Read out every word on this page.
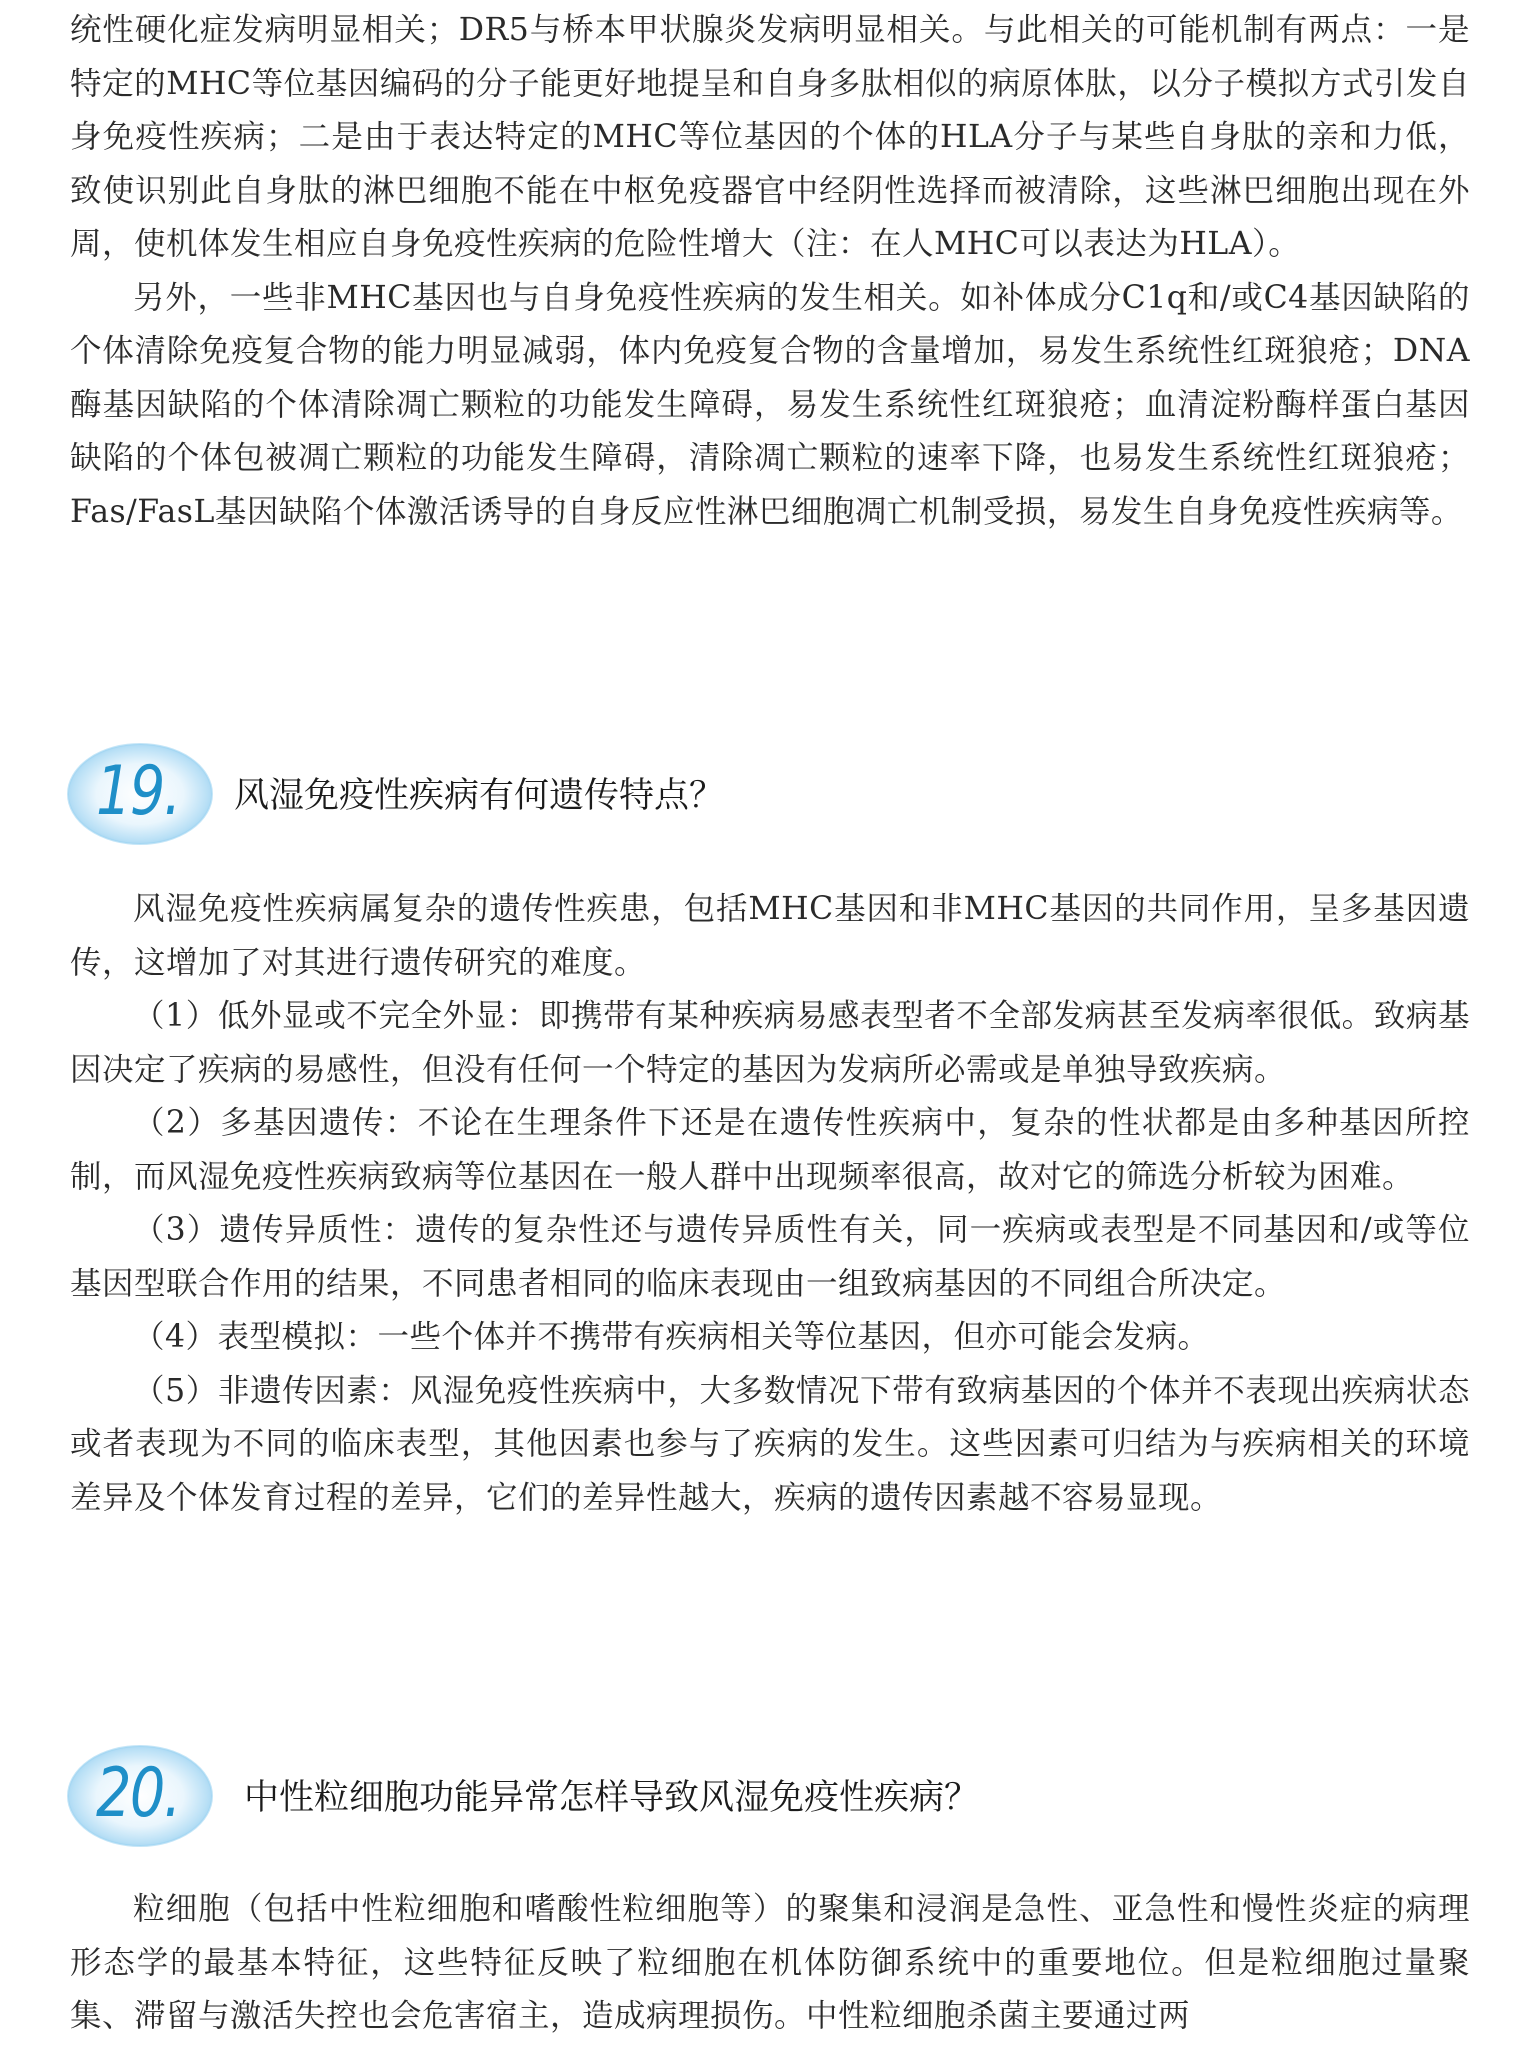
统性硬化症发病明显相关；DR5与桥本甲状腺炎发病明显相关。与此相关的可能机制有两点：一是特定的MHC等位基因编码的分子能更好地提呈和自身多肽相似的病原体肽，以分子模拟方式引发自身免疫性疾病；二是由于表达特定的MHC等位基因的个体的HLA分子与某些自身肽的亲和力低，致使识别此自身肽的淋巴细胞不能在中枢免疫器官中经阴性选择而被清除，这些淋巴细胞出现在外周，使机体发生相应自身免疫性疾病的危险性增大（注：在人MHC可以表达为HLA）。

另外，一些非MHC基因也与自身免疫性疾病的发生相关。如补体成分C1q和/或C4基因缺陷的个体清除免疫复合物的能力明显减弱，体内免疫复合物的含量增加，易发生系统性红斑狼疮；DNA酶基因缺陷的个体清除凋亡颗粒的功能发生障碍，易发生系统性红斑狼疮；血清淀粉酶样蛋白基因缺陷的个体包被凋亡颗粒的功能发生障碍，清除凋亡颗粒的速率下降，也易发生系统性红斑狼疮；Fas/FasL基因缺陷个体激活诱导的自身反应性淋巴细胞凋亡机制受损，易发生自身免疫性疾病等。

19. 风湿免疫性疾病有何遗传特点？

风湿免疫性疾病属复杂的遗传性疾患，包括MHC基因和非MHC基因的共同作用，呈多基因遗传，这增加了对其进行遗传研究的难度。

（1）低外显或不完全外显：即携带有某种疾病易感表型者不全部发病甚至发病率很低。致病基因决定了疾病的易感性，但没有任何一个特定的基因为发病所必需或是单独导致疾病。

（2）多基因遗传：不论在生理条件下还是在遗传性疾病中，复杂的性状都是由多种基因所控制，而风湿免疫性疾病致病等位基因在一般人群中出现频率很高，故对它的筛选分析较为困难。

（3）遗传异质性：遗传的复杂性还与遗传异质性有关，同一疾病或表型是不同基因和/或等位基因型联合作用的结果，不同患者相同的临床表现由一组致病基因的不同组合所决定。

（4）表型模拟：一些个体并不携带有疾病相关等位基因，但亦可能会发病。

（5）非遗传因素：风湿免疫性疾病中，大多数情况下带有致病基因的个体并不表现出疾病状态或者表现为不同的临床表型，其他因素也参与了疾病的发生。这些因素可归结为与疾病相关的环境差异及个体发育过程的差异，它们的差异性越大，疾病的遗传因素越不容易显现。

20. 中性粒细胞功能异常怎样导致风湿免疫性疾病？

粒细胞（包括中性粒细胞和嗜酸性粒细胞等）的聚集和浸润是急性、亚急性和慢性炎症的病理形态学的最基本特征，这些特征反映了粒细胞在机体防御系统中的重要地位。但是粒细胞过量聚集、滞留与激活失控也会危害宿主，造成病理损伤。中性粒细胞杀菌主要通过两
